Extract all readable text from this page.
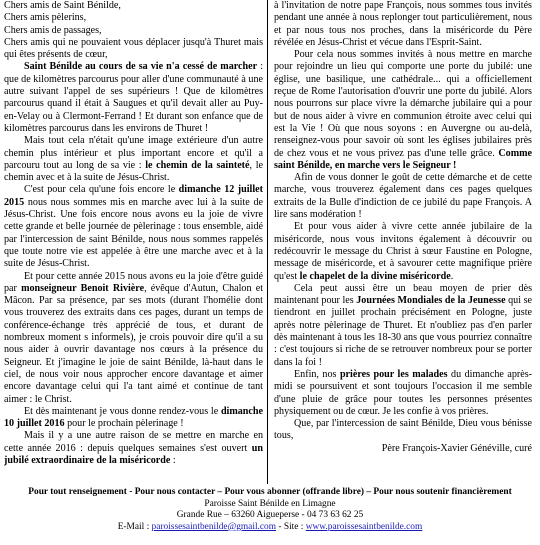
Chers amis de Saint Bénilde,

Chers amis pèlerins,

Chers amis de passages,

Chers amis qui ne pouvaient vous déplacer jusqu'à Thuret mais qui êtes présents de cœur,

Saint Bénilde au cours de sa vie n'a cessé de marcher : que de kilomètres parcourus pour aller d'une communauté à une autre suivant l'appel de ses supérieurs ! Que de kilomètres parcourus quand il était à Saugues et qu'il devait aller au Puy-en-Velay ou à Clermont-Ferrand ! Et durant son enfance que de kilomètres parcourus dans les environs de Thuret !

Mais tout cela n'était qu'une image extérieure d'un autre chemin plus intérieur et plus important encore et qu'il a parcouru tout au long de sa vie : le chemin de la sainteté, le chemin avec et à la suite de Jésus-Christ.

C'est pour cela qu'une fois encore le dimanche 12 juillet 2015 nous nous sommes mis en marche avec lui à la suite de Jésus-Christ. Une fois encore nous avons eu la joie de vivre cette grande et belle journée de pèlerinage : tous ensemble, aidé par l'intercession de saint Bénilde, nous nous sommes rappelés que toute notre vie est appelée à être une marche avec et à la suite de Jésus-Christ.

Et pour cette année 2015 nous avons eu la joie d'être guidé par monseigneur Benoit Rivière, évêque d'Autun, Chalon et Mâcon. Par sa présence, par ses mots (durant l'homélie dont vous trouverez des extraits dans ces pages, durant un temps de conférence-échange très apprécié de tous, et durant de nombreux moment s informels), je crois pouvoir dire qu'il a su nous aider à ouvrir davantage nos cœurs à la présence du Seigneur. Et j'imagine le joie de saint Bénilde, là-haut dans le ciel, de nous voir nous approcher encore davantage et aimer encore davantage celui qui l'a tant aimé et continue de tant aimer : le Christ.

Et dès maintenant je vous donne rendez-vous le dimanche 10 juillet 2016 pour le prochain pèlerinage !

Mais il y a une autre raison de se mettre en marche en cette année 2016 : depuis quelques semaines s'est ouvert un jubilé extraordinaire de la miséricorde :

à l'invitation de notre pape François, nous sommes tous invités pendant une année à nous replonger tout particulièrement, nous et par nous tous nos proches, dans la miséricorde du Père révélée en Jésus-Christ et vécue dans l'Esprit-Saint.

Pour cela nous sommes invités à nous mettre en marche pour rejoindre un lieu qui comporte une porte du jubilé: une église, une basilique, une cathédrale... qui a officiellement reçue de Rome l'autorisation d'ouvrir une porte du jubilé. Alors nous pourrons sur place vivre la démarche jubilaire qui a pour but de nous aider à vivre en communion étroite avec celui qui est la Vie ! Où que nous soyons : en Auvergne ou au-delà, renseignez-vous pour savoir où sont les églises jubilaires près de chez vous et ne vous privez pas d'une telle grâce. Comme saint Bénilde, en marche vers le Seigneur !

Afin de vous donner le goût de cette démarche et de cette marche, vous trouverez également dans ces pages quelques extraits de la Bulle d'indiction de ce jubilé du pape François. A lire sans modération !

Et pour vous aider à vivre cette année jubilaire de la miséricorde, nous vous invitons également à découvrir ou redécouvrir le message du Christ à sœur Faustine en Pologne, message de miséricorde, et à savourer cette magnifique prière qu'est le chapelet de la divine miséricorde.

Cela peut aussi être un beau moyen de prier dès maintenant pour les Journées Mondiales de la Jeunesse qui se tiendront en juillet prochain précisément en Pologne, juste après notre pèlerinage de Thuret. Et n'oubliez pas d'en parler dès maintenant à tous les 18-30 ans que vous pourriez connaître : c'est toujours si riche de se retrouver nombreux pour se porter dans la foi !

Enfin, nos prières pour les malades du dimanche après-midi se poursuivent et sont toujours l'occasion il me semble d'une pluie de grâce pour toutes les personnes présentes physiquement ou de cœur. Je les confie à vos prières.

Que, par l'intercession de saint Bénilde, Dieu vous bénisse tous,

Père François-Xavier Généville, curé

Pour tout renseignement - Pour nous contacter – Pour vous abonner (offrande libre) – Pour nous soutenir financièrement
Paroisse Saint Bénilde en Limagne
Grande Rue – 63260 Aigueperse - 04 73 63 62 25
E-Mail : paroissesaintbenilde@gmail.com - Site : www.paroissesaintbenilde.com
